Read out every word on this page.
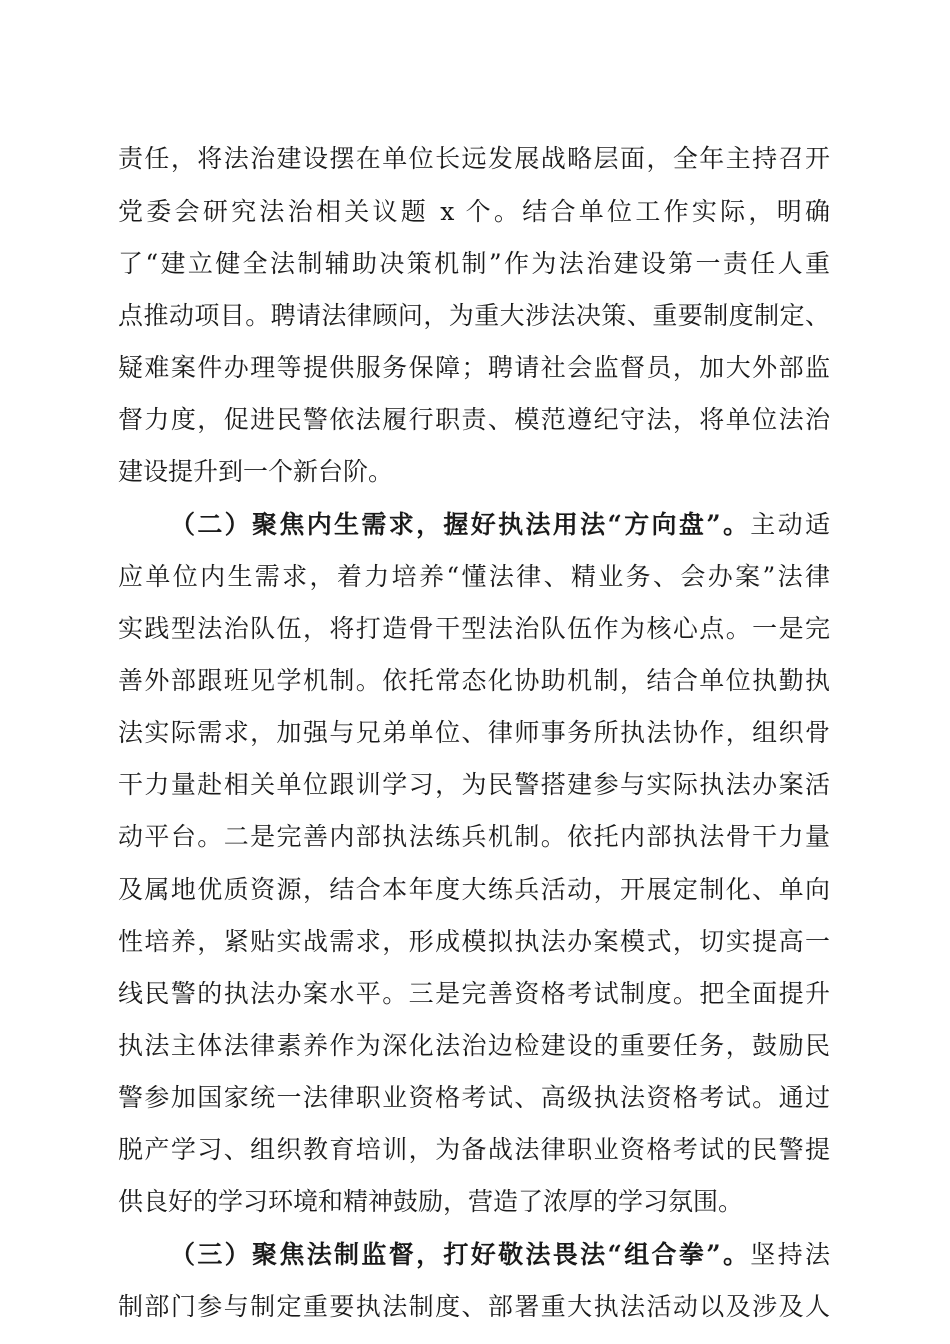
责任，将法治建设摆在单位长远发展战略层面，全年主持召开
党委会研究法治相关议题 x 个。结合单位工作实际，明确
了“建立健全法制辅助决策机制”作为法治建设第一责任人重
点推动项目。聘请法律顾问，为重大涉法决策、重要制度制定、
疑难案件办理等提供服务保障；聘请社会监督员，加大外部监
督力度，促进民警依法履行职责、模范遵纪守法，将单位法治
建设提升到一个新台阶。
（二）聚焦内生需求，握好执法用法“方向盘”。主动适
应单位内生需求，着力培养“懂法律、精业务、会办案”法律
实践型法治队伍，将打造骨干型法治队伍作为核心点。一是完
善外部跟班见学机制。依托常态化协助机制，结合单位执勤执
法实际需求，加强与兄弟单位、律师事务所执法协作，组织骨
干力量赴相关单位跟训学习，为民警搭建参与实际执法办案活
动平台。二是完善内部执法练兵机制。依托内部执法骨干力量
及属地优质资源，结合本年度大练兵活动，开展定制化、单向
性培养，紧贴实战需求，形成模拟执法办案模式，切实提高一
线民警的执法办案水平。三是完善资格考试制度。把全面提升
执法主体法律素养作为深化法治边检建设的重要任务，鼓励民
警参加国家统一法律职业资格考试、高级执法资格考试。通过
脱产学习、组织教育培训，为备战法律职业资格考试的民警提
供良好的学习环境和精神鼓励，营造了浓厚的学习氛围。
（三）聚焦法制监督，打好敬法畏法“组合拳”。坚持法
制部门参与制定重要执法制度、部署重大执法活动以及涉及人
